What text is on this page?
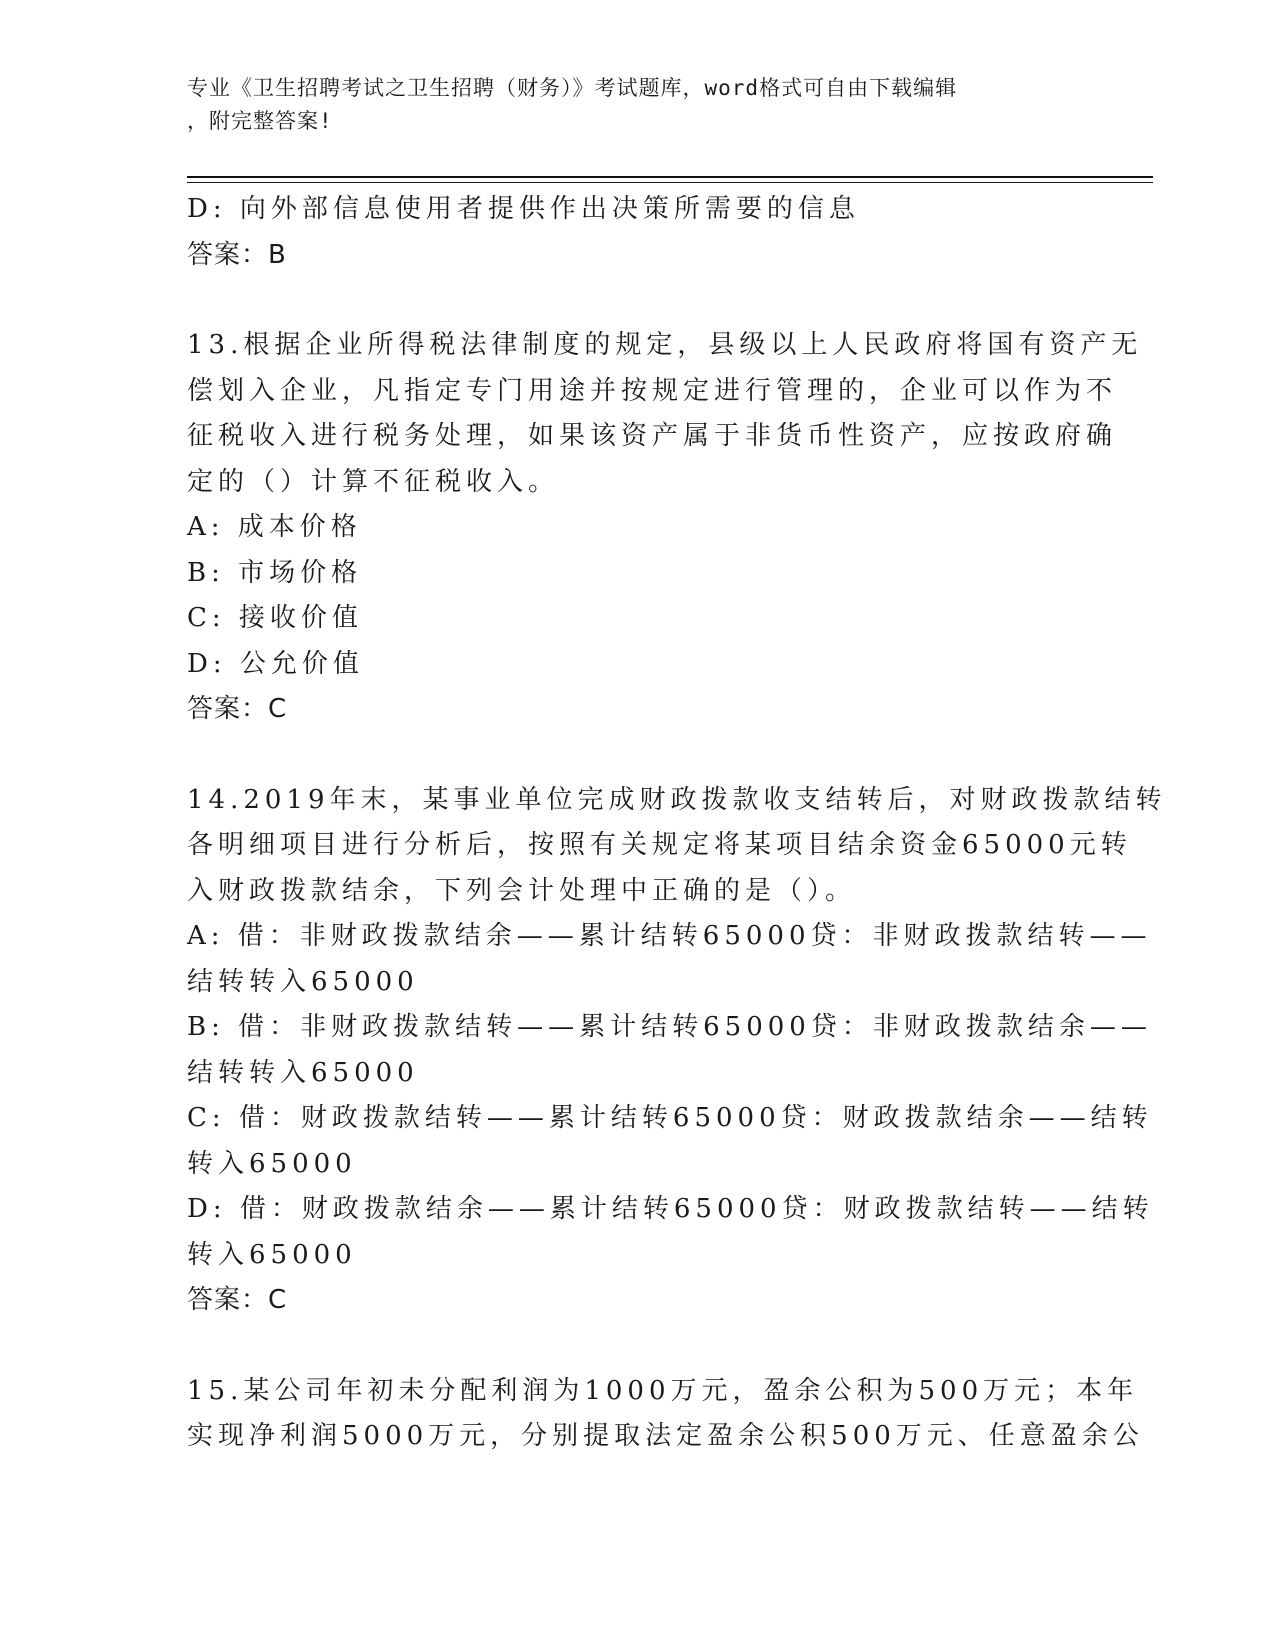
专业《卫生招聘考试之卫生招聘（财务）》考试题库，word格式可自由下载编辑
，附完整答案!
D: 向外部信息使用者提供作出决策所需要的信息
答案：B
13.根据企业所得税法律制度的规定，县级以上人民政府将国有资产无
偿划入企业，凡指定专门用途并按规定进行管理的，企业可以作为不
征税收入进行税务处理，如果该资产属于非货币性资产，应按政府确
定的（）计算不征税收入。
A: 成本价格
B: 市场价格
C: 接收价值
D: 公允价值
答案：C
14.2019年末，某事业单位完成财政拨款收支结转后，对财政拨款结转
各明细项目进行分析后，按照有关规定将某项目结余资金65000元转
入财政拨款结余，下列会计处理中正确的是（）。
A: 借：非财政拨款结余——累计结转65000贷：非财政拨款结转——
结转转入65000
B: 借：非财政拨款结转——累计结转65000贷：非财政拨款结余——
结转转入65000
C: 借：财政拨款结转——累计结转65000贷：财政拨款结余——结转
转入65000
D: 借：财政拨款结余——累计结转65000贷：财政拨款结转——结转
转入65000
答案：C
15.某公司年初未分配利润为1000万元，盈余公积为500万元；本年
实现净利润5000万元，分别提取法定盈余公积500万元、任意盈余公
